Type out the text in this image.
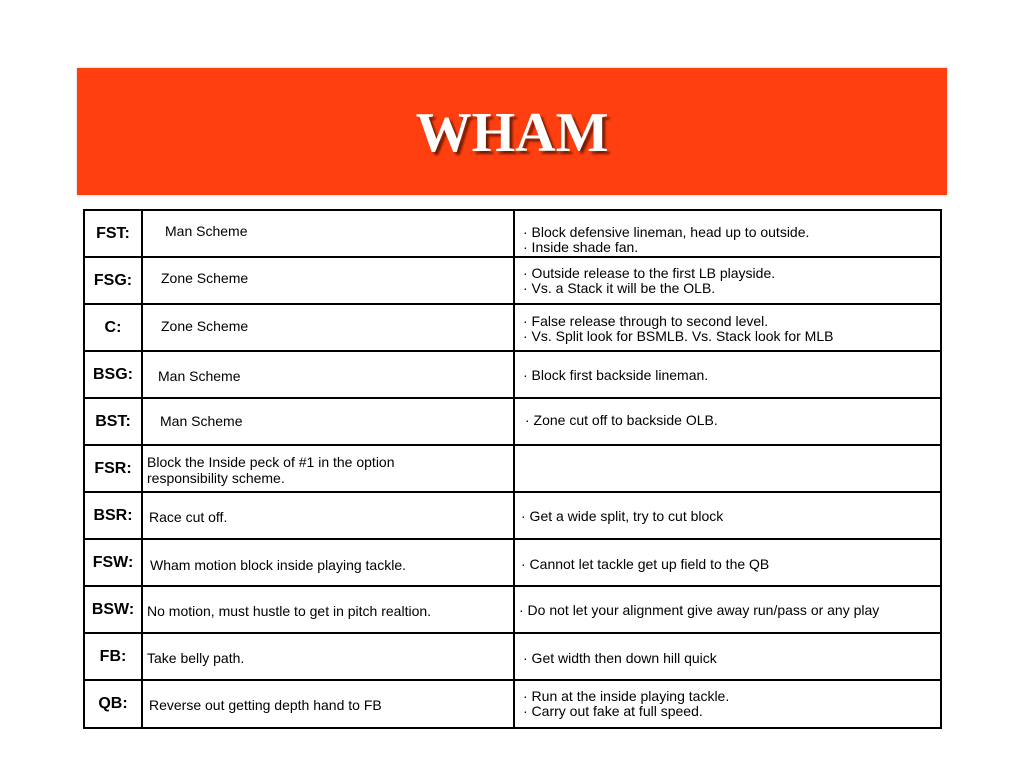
WHAM
FST:	Man Scheme	· Block defensive lineman, head up to outside.
· Inside shade fan.
FSG:	Zone Scheme	· Outside release to the first LB playside.
· Vs. a Stack it will be the OLB.
C:	Zone Scheme	· False release through to second level.
· Vs. Split look for BSMLB. Vs. Stack look for MLB
BSG:	Man Scheme	· Block first backside lineman.
BST:	Man Scheme	· Zone cut off to backside OLB.
FSR:	Block the Inside peck of #1 in the option responsibility scheme.
BSR:	Race cut off.	· Get a wide split, try to cut block
FSW:	Wham motion block inside playing tackle.	· Cannot let tackle get up field to the QB
BSW: No motion, must hustle to get in pitch realtion.	· Do not let your alignment give away run/pass or any play
FB:	Take belly path.	· Get width then down hill quick
QB:	Reverse out getting depth hand to FB
· Run at the inside playing tackle.
· Carry out fake at full speed.
